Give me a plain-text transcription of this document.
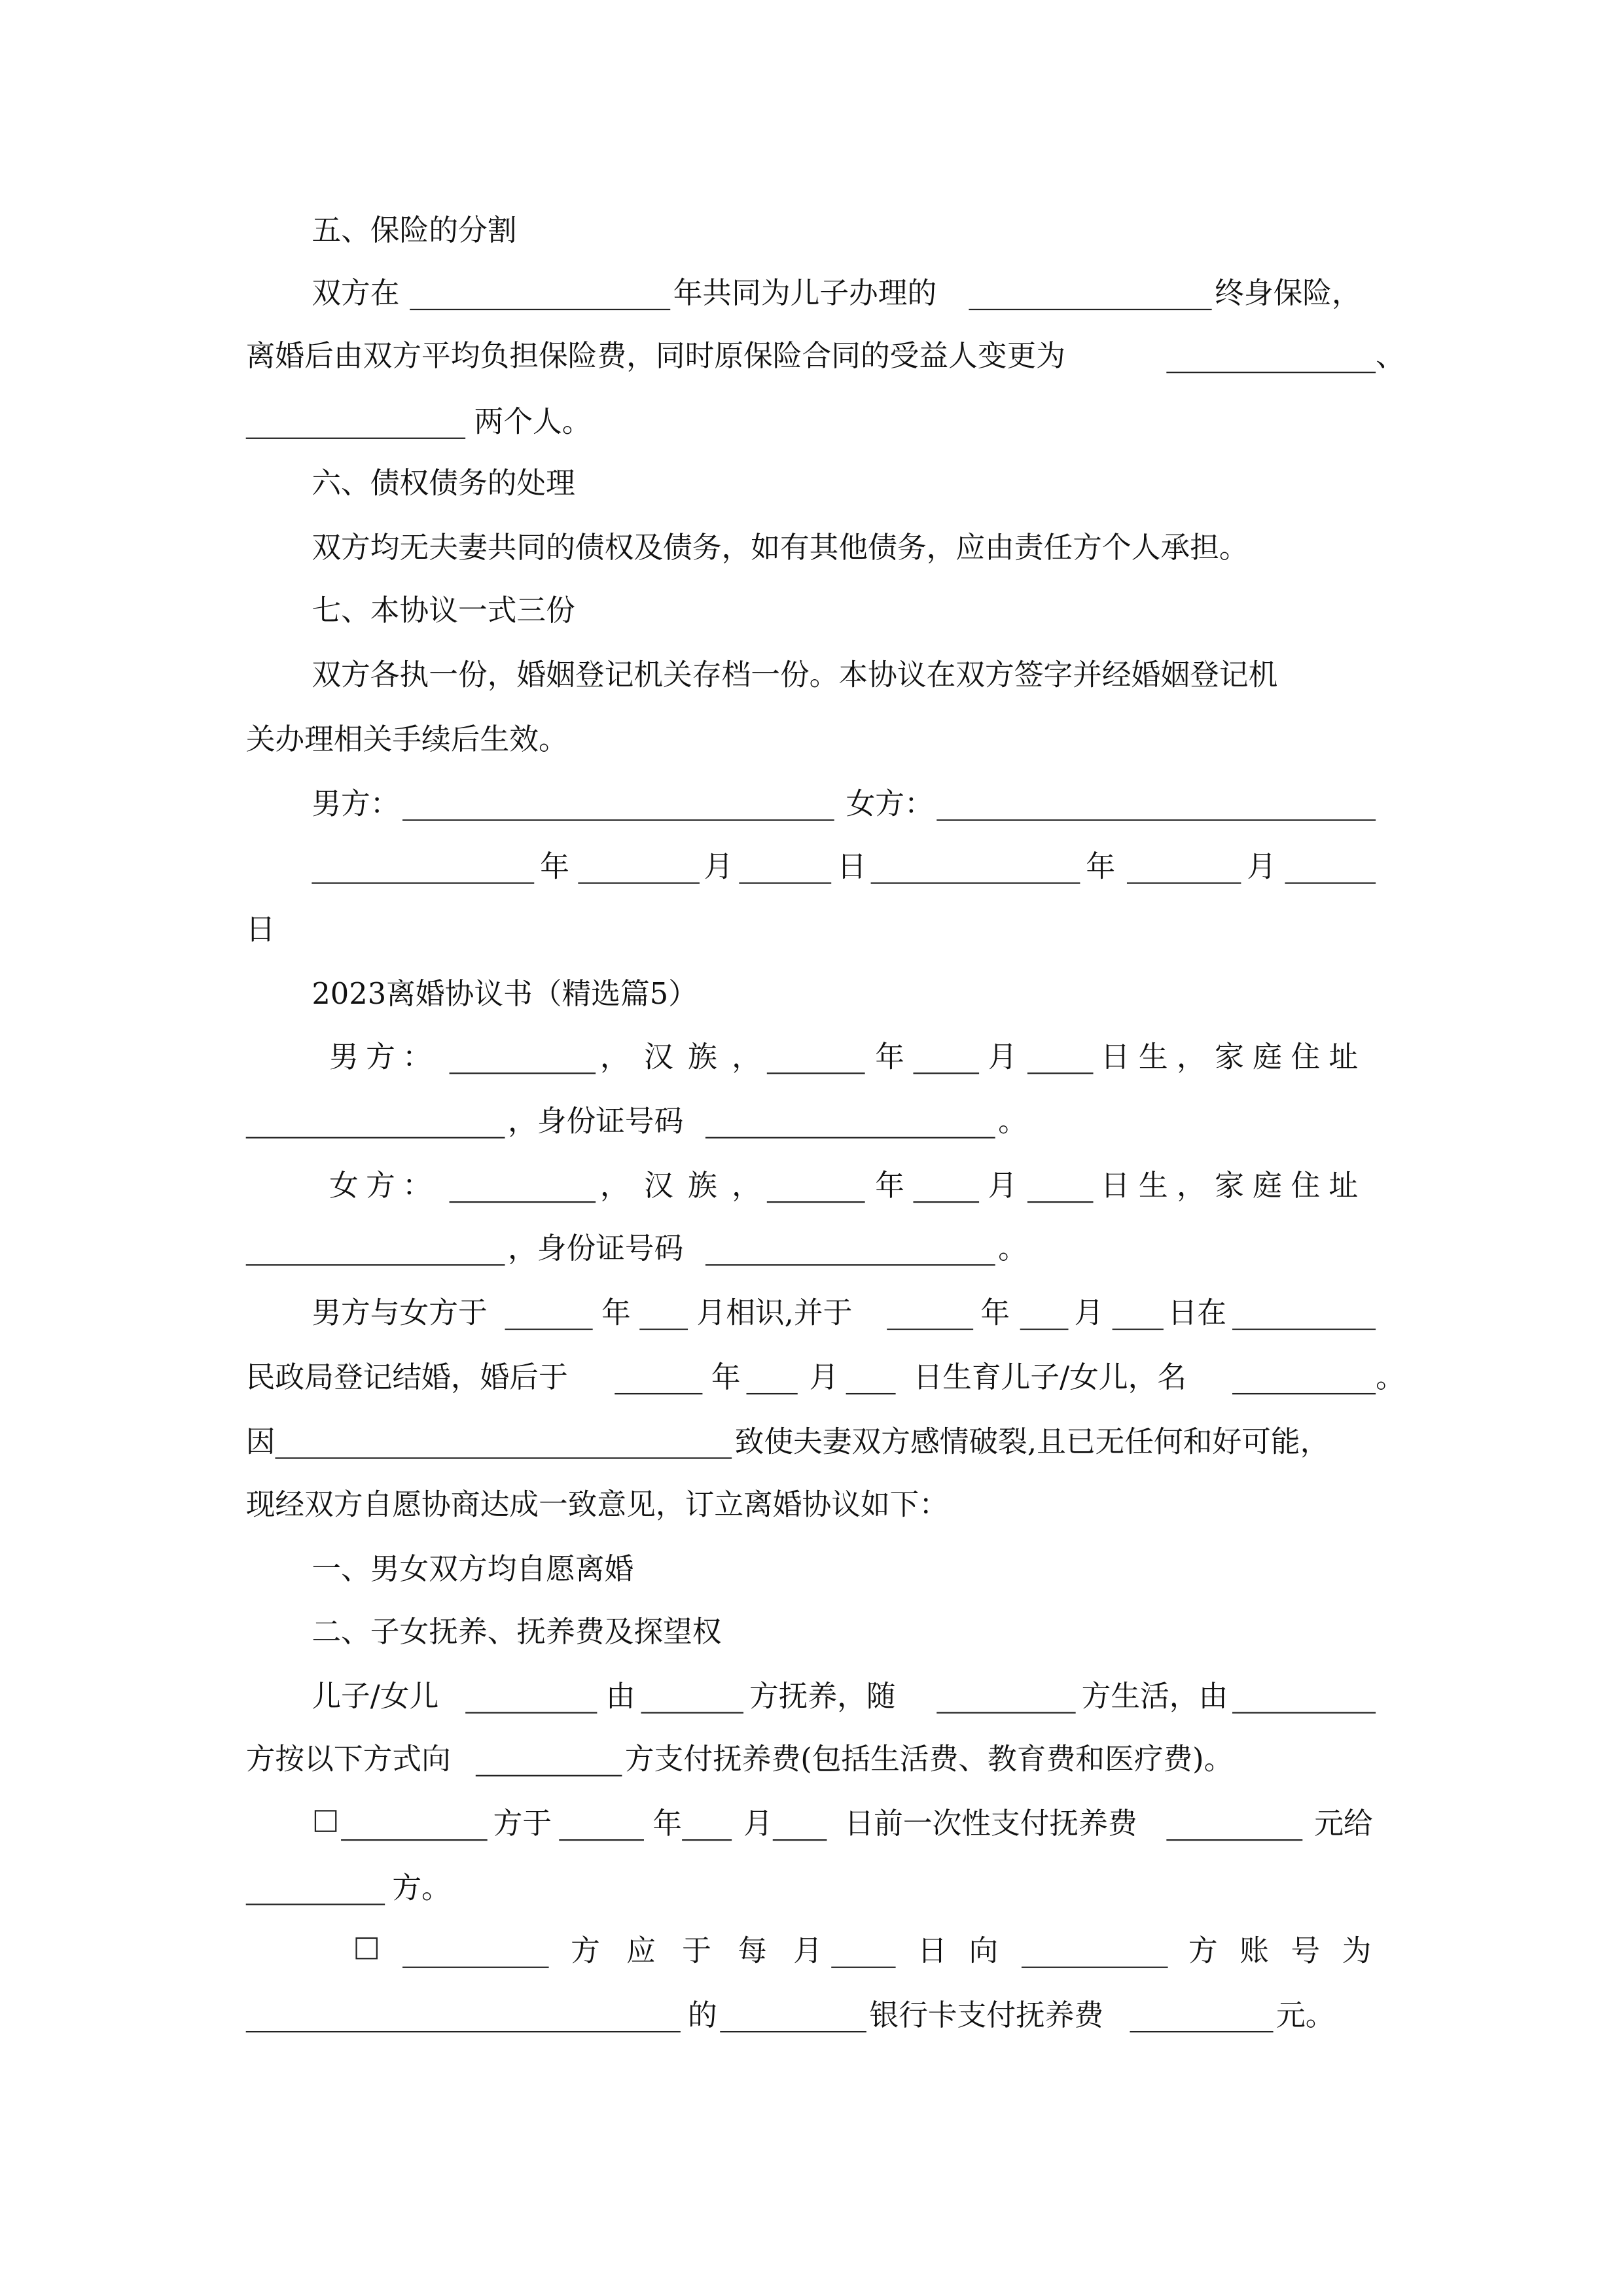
五、保险的分割
双方在	年共同为儿子办理的	终身保险，
离婚后由双方平均负担保险费，同时原保险合同的受益人变更为	、
两个人。
六、债权债务的处理
双方均无夫妻共同的债权及债务，如有其他债务，应由责任方个人承担。
七、本协议一式三份
双方各执一份，婚姻登记机关存档一份。本协议在双方签字并经婚姻登记机
关办理相关手续后生效。
男方：	女方：
年	月	日	年	月
日
2023离婚协议书（精选篇5）
男方：	，汉族，	年	月	日生，家庭住址
，身份证号码	。
女方：	，汉族，	年	月	日生，家庭住址
，身份证号码	。
男方与女方于	年	月相识,并于	年	月	日在
民政局登记结婚，婚后于	年	月	日生育儿子/女儿，名	。
因	致使夫妻双方感情破裂,且已无任何和好可能，
现经双方自愿协商达成一致意见，订立离婚协议如下：
一、男女双方均自愿离婚
二、子女抚养、抚养费及探望权
儿子/女儿	由	方抚养，随	方生活，由
方按以下方式向	方支付抚养费(包括生活费、教育费和医疗费)。
方于	年	月	日前一次性支付抚养费	元给
方。
方应于每月	日向	方账号为
的	银行卡支付抚养费	元。
